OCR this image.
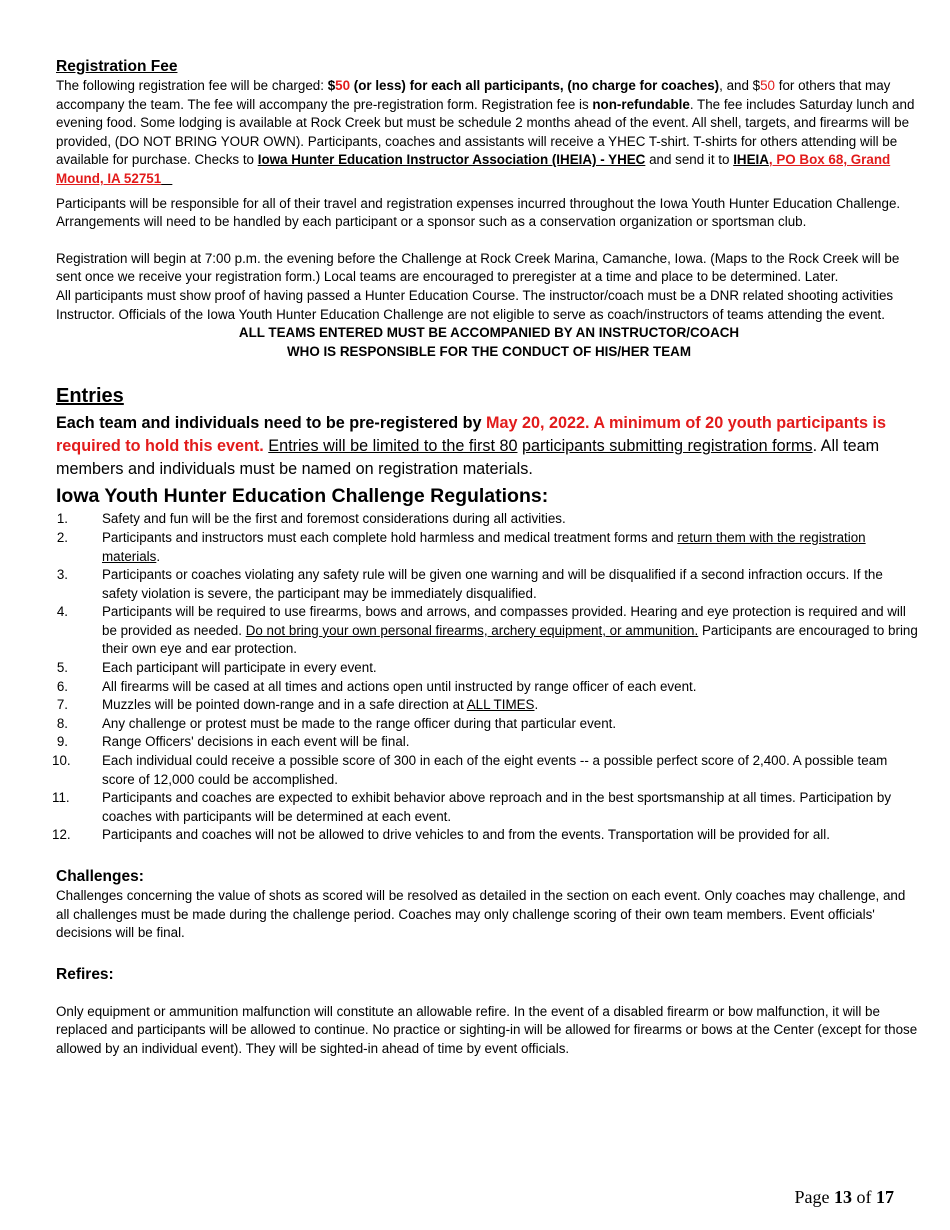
Registration Fee

The following registration fee will be charged: $50 (or less) for each all participants, (no charge for coaches), and $50 for others that may accompany the team. The fee will accompany the pre-registration form. Registration fee is non-refundable. The fee includes Saturday lunch and evening food. Some lodging is available at Rock Creek but must be schedule 2 months ahead of the event. All shell, targets, and firearms will be provided, (DO NOT BRING YOUR OWN). Participants, coaches and assistants will receive a YHEC T-shirt. T-shirts for others attending will be available for purchase. Checks to Iowa Hunter Education Instructor Association (IHEIA) - YHEC and send it to IHEIA, PO Box 68, Grand Mound, IA 52751

Participants will be responsible for all of their travel and registration expenses incurred throughout the Iowa Youth Hunter Education Challenge. Arrangements will need to be handled by each participant or a sponsor such as a conservation organization or sportsman club.

Registration will begin at 7:00 p.m. the evening before the Challenge at Rock Creek Marina, Camanche, Iowa. (Maps to the Rock Creek will be sent once we receive your registration form.) Local teams are encouraged to preregister at a time and place to be determined. Later.

All participants must show proof of having passed a Hunter Education Course. The instructor/coach must be a DNR related shooting activities Instructor. Officials of the Iowa Youth Hunter Education Challenge are not eligible to serve as coach/instructors of teams attending the event.

ALL TEAMS ENTERED MUST BE ACCOMPANIED BY AN INSTRUCTOR/COACH

WHO IS RESPONSIBLE FOR THE CONDUCT OF HIS/HER TEAM

Entries

Each team and individuals need to be pre-registered by May 20, 2022. A minimum of 20 youth participants is required to hold this event. Entries will be limited to the first 80 participants submitting registration forms. All team members and individuals must be named on registration materials.

Iowa Youth Hunter Education Challenge Regulations:
1.	Safety and fun will be the first and foremost considerations during all activities.
2.	Participants and instructors must each complete hold harmless and medical treatment forms and return them with the registration materials.
3.	Participants or coaches violating any safety rule will be given one warning and will be disqualified if a second infraction occurs. If the safety violation is severe, the participant may be immediately disqualified.
4.	Participants will be required to use firearms, bows and arrows, and compasses provided. Hearing and eye protection is required and will be provided as needed. Do not bring your own personal firearms, archery equipment, or ammunition. Participants are encouraged to bring their own eye and ear protection.
5.	Each participant will participate in every event.
6.	All firearms will be cased at all times and actions open until instructed by range officer of each event.
7.	Muzzles will be pointed down-range and in a safe direction at ALL TIMES.
8.	Any challenge or protest must be made to the range officer during that particular event.
9.	Range Officers' decisions in each event will be final.
10. Each individual could receive a possible score of 300 in each of the eight events -- a possible perfect score of 2,400. A possible team score of 12,000 could be accomplished.
11. Participants and coaches are expected to exhibit behavior above reproach and in the best sportsmanship at all times. Participation by coaches with participants will be determined at each event.
12. Participants and coaches will not be allowed to drive vehicles to and from the events. Transportation will be provided for all.
Challenges:

Challenges concerning the value of shots as scored will be resolved as detailed in the section on each event. Only coaches may challenge, and all challenges must be made during the challenge period. Coaches may only challenge scoring of their own team members. Event officials' decisions will be final.

Refires:

Only equipment or ammunition malfunction will constitute an allowable refire. In the event of a disabled firearm or bow malfunction, it will be replaced and participants will be allowed to continue. No practice or sighting-in will be allowed for firearms or bows at the Center (except for those allowed by an individual event). They will be sighted-in ahead of time by event officials.

Page 13 of 17
